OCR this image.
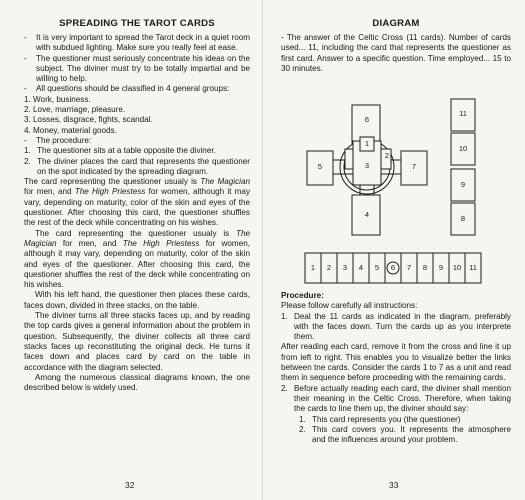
SPREADING THE TAROT CARDS
-	It is very important to spread the Tarot deck in a quiet room with subdued lighting. Make sure you really feel at ease.
-	The questioner must seriously concentrate his ideas on the subject. The diviner must try to be totally impartial and be willing to help.
-	All questions should be classified in 4 general groups:
1. Work, business.
2. Love, marriage, pleasure.
3. Losses, disgrace, fights, scandal.
4. Money, material goods.
-	The procedure:
1. The questioner sits at a table opposite the diviner.
2. The diviner places the card that represents the questioner on the spot indicated by the spreading diagram.
The card representing the questioner usualy is The Magician for men, and The High Priestess for women, although it may vary, depending on maturity, color of the skin and eyes of the questioner. After choosing this card, the questioner shuffles the rest of the deck while concentrating on his wishes.
The card representing the questioner usualy is The Magician for men, and The High Priestess for women, although it may vary, depending on maturity, color of the skin and eyes of the questioner. After choosing this card, the questioner shuffles the rest of the deck while concentrating on his wishes.
With his left hand, the questioner then places these cards, faces down, divided in three stacks, on the table.
The diviner turns all three stacks faces up, and by reading the top cards gives a general information about the problem in question. Subsequently, the diviner collects all three card stacks faces up reconstituting the original deck. He turns it faces down and places card by card on the table in accordance with the diagram selected.
Among the numerous classical diagrams known, the one described below is widely used.
32
DIAGRAM
- The answer of the Celtic Cross (11 cards). Number of cards used... 11, including the card that represents the questioner as first card. Answer to a specific question. Time employed... 15 to 30 minutes.
6
1
2
3
5	7
4
11
10
9
8
1	2	3	4	5	6	7	8	9	10	11
Procedure:
Please follow carefully all instructions:
1. Deal the 11 cards as indicated in the diagram, preferably with the faces down. Turn the cards up as you interprete them.
After reading each card, remove it from the cross and line it up from left to right. This enables you to visualize better the links between tne cards. Consider the cards 1 to 7 as a unit and read them in sequence before proceeding with the remaining cards.
2. Before actually reading each card, the diviner shall mention their meaning in the Celtic Cross. Therefore, when taking the cards to line them up, the diviner should say:
1. This card represents you (the questioner)
2. This card covers you. It represents the atmosphere and the influences around your problem.
33
